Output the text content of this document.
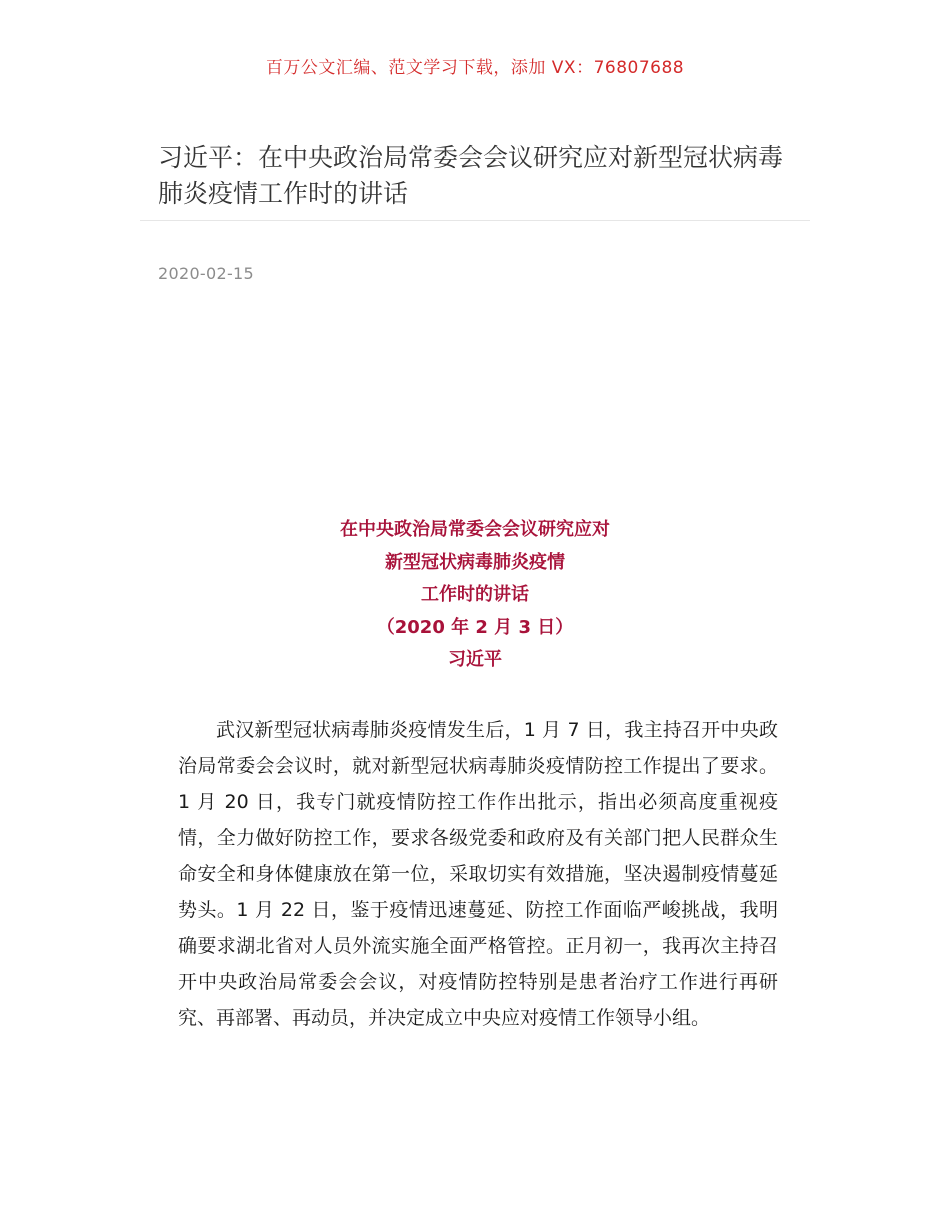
百万公文汇编、范文学习下载，添加 VX：76807688
习近平：在中央政治局常委会会议研究应对新型冠状病毒肺炎疫情工作时的讲话
2020-02-15
在中央政治局常委会会议研究应对
新型冠状病毒肺炎疫情
工作时的讲话
（2020 年 2 月 3 日）
习近平

武汉新型冠状病毒肺炎疫情发生后，1 月 7 日，我主持召开中央政治局常委会会议时，就对新型冠状病毒肺炎疫情防控工作提出了要求。1 月 20 日，我专门就疫情防控工作作出批示，指出必须高度重视疫情，全力做好防控工作，要求各级党委和政府及有关部门把人民群众生命安全和身体健康放在第一位，采取切实有效措施，坚决遏制疫情蔓延势头。1 月 22 日，鉴于疫情迅速蔓延、防控工作面临严峻挑战，我明确要求湖北省对人员外流实施全面严格管控。正月初一，我再次主持召开中央政治局常委会会议，对疫情防控特别是患者治疗工作进行再研究、再部署、再动员，并决定成立中央应对疫情工作领导小组。
